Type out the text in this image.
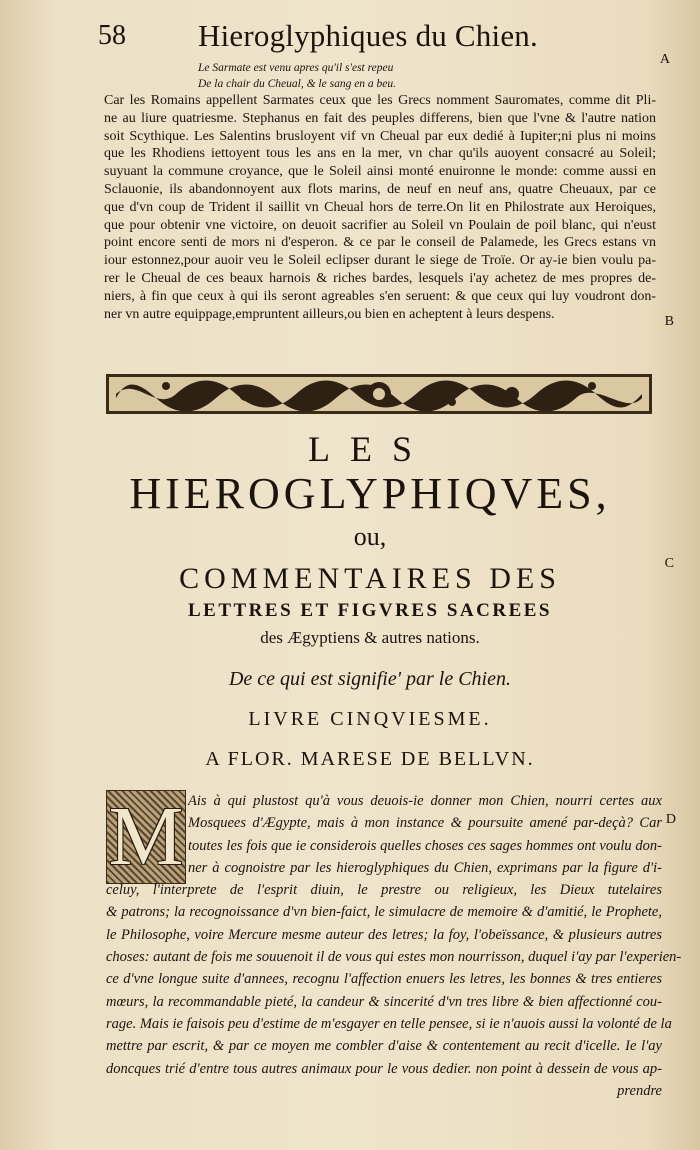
58 Hieroglyphiques du Chien.
A
B
C
D
Le Sarmate est venu apres qu'il s'est repeu
De la chair du Cheual, & le sang en a beu.
Car les Romains appellent Sarmates ceux que les Grecs nomment Sauromates, comme dit Pli-
ne au liure quatriesme. Stephanus en fait des peuples differens, bien que l'vne & l'autre nation
soit Scythique. Les Salentins brusloyent vif vn Cheual par eux dedié à Iupiter;ni plus ni moins
que les Rhodiens iettoyent tous les ans en la mer, vn char qu'ils auoyent consacré au Soleil;
suyuant la commune croyance, que le Soleil ainsi monté enuironne le monde: comme aussi en
Sclauonie, ils abandonnoyent aux flots marins, de neuf en neuf ans, quatre Cheuaux, par ce
que d'vn coup de Trident il saillit vn Cheual hors de terre.On lit en Philostrate aux Heroiques,
que pour obtenir vne victoire, on deuoit sacrifier au Soleil vn Poulain de poil blanc, qui n'eust
point encore senti de mors ni d'esperon. & ce par le conseil de Palamede, les Grecs estans vn
iour estonnez,pour auoir veu le Soleil eclipser durant le siege de Troïe. Or ay-ie bien voulu pa-
rer le Cheual de ces beaux harnois & riches bardes, lesquels i'ay achetez de mes propres de-
niers, à fin que ceux à qui ils seront agreables s'en seruent: & que ceux qui luy voudront don-
ner vn autre equippage,empruntent ailleurs,ou bien en acheptent à leurs despens.
LES
HIEROGLYPHIQVES,
ou,
COMMENTAIRES DES
LETTRES ET FIGVRES SACREES
des Ægyptiens & autres nations.
De ce qui est signifie' par le Chien.
LIVRE CINQVIESME.
A FLOR. MARESE DE BELLVN.
M Ais à qui plustost qu'à vous deuois-ie donner mon Chien, nourri certes aux
Mosquees d'Ægypte, mais à mon instance & poursuite amené par-deçà? Car
toutes les fois que ie considerois quelles choses ces sages hommes ont voulu don-
ner à cognoistre par les hieroglyphiques du Chien, exprimans par la figure d'i-
celuy, l'interprete de l'esprit diuin, le prestre ou religieux, les Dieux tutelaires
& patrons; la recognoissance d'vn bien-faict, le simulacre de memoire & d'amitié, le Prophete,
le Philosophe, voire Mercure mesme auteur des letres; la foy, l'obeïssance, & plusieurs autres
choses: autant de fois me souuenoit il de vous qui estes mon nourrisson, duquel i'ay par l'experien-
ce d'vne longue suite d'annees, recognu l'affection enuers les letres, les bonnes & tres entieres
mœurs, la recommandable pieté, la candeur & sincerité d'vn tres libre & bien affectionné cou-
rage. Mais ie faisois peu d'estime de m'esgayer en telle pensee, si ie n'auois aussi la volonté de la
mettre par escrit, & par ce moyen me combler d'aise & contentement au recit d'icelle. Ie l'ay
doncques trié d'entre tous autres animaux pour le vous dedier. non point à dessein de vous ap-
prendre
